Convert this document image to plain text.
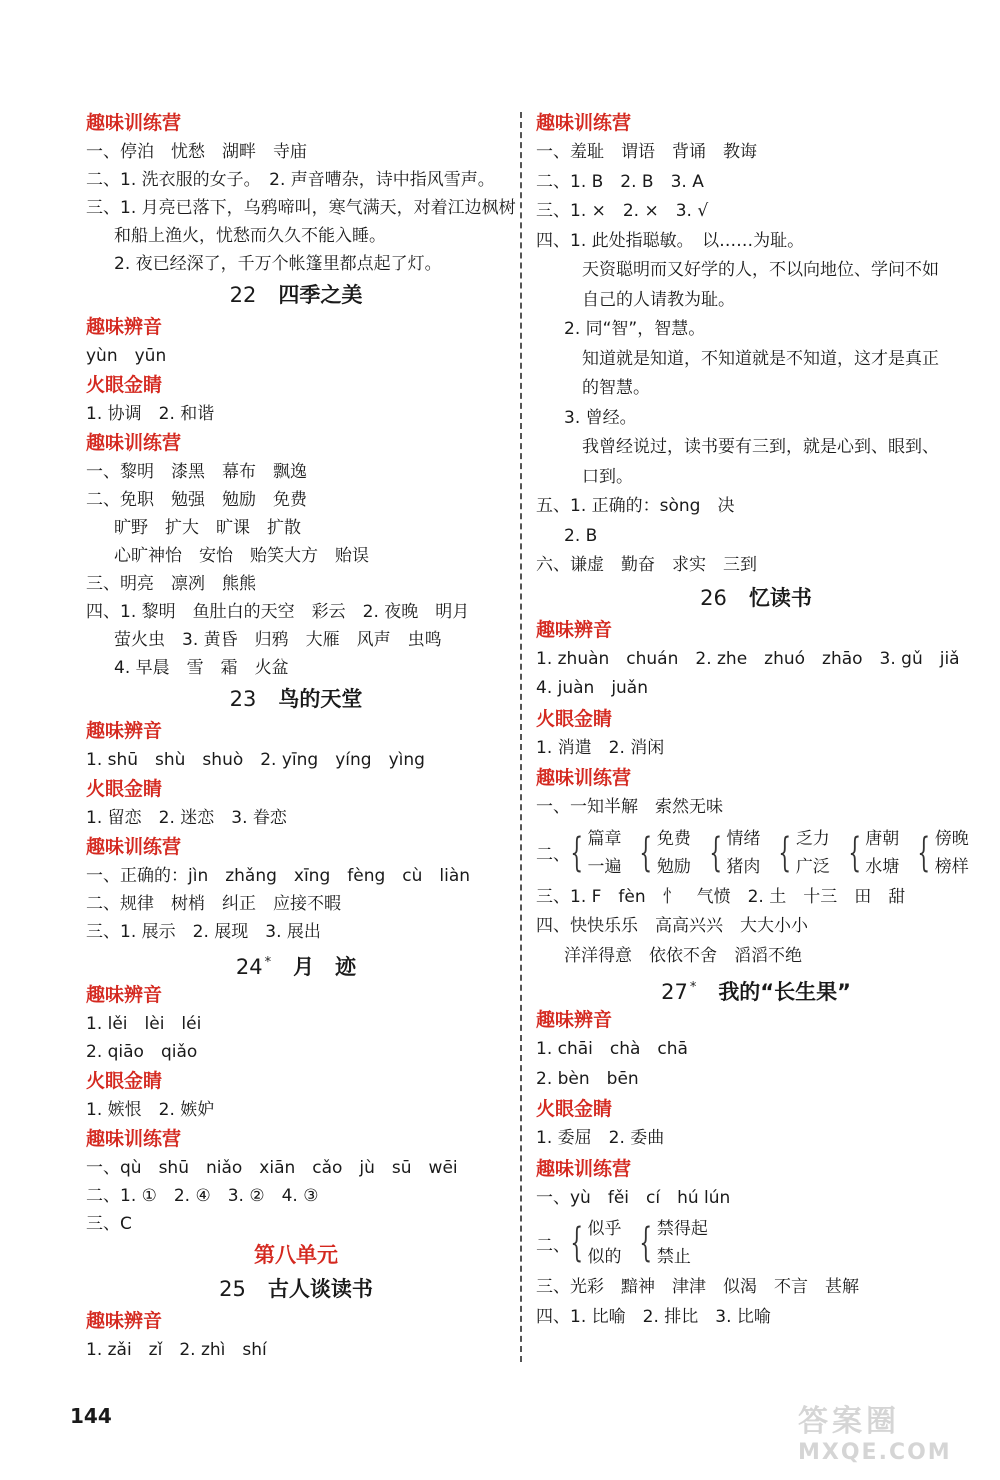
趣味训练营
一、停泊　忧愁　湖畔　寺庙
二、1. 洗衣服的女子。　2. 声音嘈杂，诗中指风雪声。
三、1. 月亮已落下，乌鸦啼叫，寒气满天，对着江边枫树
和船上渔火，忧愁而久久不能入睡。
2. 夜已经深了，千万个帐篷里都点起了灯。
22 四季之美
趣味辨音
yùn　yūn
火眼金睛
1. 协调　2. 和谐
趣味训练营
一、黎明　漆黑　幕布　飘逸
二、免职　勉强　勉励　免费
旷野　扩大　旷课　扩散
心旷神怡　安怡　贻笑大方　贻误
三、明亮　凛冽　熊熊
四、1. 黎明　鱼肚白的天空　彩云　2. 夜晚　明月
萤火虫　3. 黄昏　归鸦　大雁　风声　虫鸣
4. 早晨　雪　霜　火盆
23 鸟的天堂
趣味辨音
1. shū　shù　shuò　2. yīng　yíng　yìng
火眼金睛
1. 留恋　2. 迷恋　3. 眷恋
趣味训练营
一、正确的：jìn　zhǎng　xīng　fèng　cù　liàn
二、规律　树梢　纠正　应接不暇
三、1. 展示　2. 展现　3. 展出
24 * 月　迹
趣味辨音
1. lěi　lèi　léi
2. qiāo　qiǎo
火眼金睛
1. 嫉恨　2. 嫉妒
趣味训练营
一、qù　shū　niǎo　xiān　cǎo　jù　sū　wēi
二、1. ①　2. ④　3. ②　4. ③
三、C
第八单元
25 古人谈读书
趣味辨音
1. zǎi　zǐ　2. zhì　shí
趣味训练营
一、羞耻　谓语　背诵　教诲
二、1. B　2. B　3. A
三、1. ×　2. ×　3. √
四、1. 此处指聪敏。　以……为耻。
天资聪明而又好学的人，不以向地位、学问不如
自己的人请教为耻。
2. 同“智”，智慧。
知道就是知道，不知道就是不知道，这才是真正
的智慧。
3. 曾经。
我曾经说过，读书要有三到，就是心到、眼到、
口到。
五、1. 正确的：sòng　决
2. B
六、谦虚　勤奋　求实　三到
26 忆读书
趣味辨音
1. zhuàn　chuán　2. zhe　zhuó　zhāo　3. gǔ　jiǎ
4. juàn　juǎn
火眼金睛
1. 消遣　2. 消闲
趣味训练营
一、一知半解　索然无味
二、 { 篇章
一遍 { 免费
勉励 { 情绪
猪肉 { 乏力
广泛 { 唐朝
水塘 { 傍晚
榜样
三、1. F　fèn　忄　气愤　2. 土　十三　田　甜
四、快快乐乐　高高兴兴　大大小小
洋洋得意　依依不舍　滔滔不绝
27 * 我的“长生果”
趣味辨音
1. chāi　chà　chā
2. bèn　bēn
火眼金睛
1. 委屈　2. 委曲
趣味训练营
一、yù　fěi　cí　hú lún
二、 { 似乎
似的 { 禁得起
禁止
三、光彩　黯神　津津　似渴　不言　甚解
四、1. 比喻　2. 排比　3. 比喻
144	答案圈
MXQE.COM
